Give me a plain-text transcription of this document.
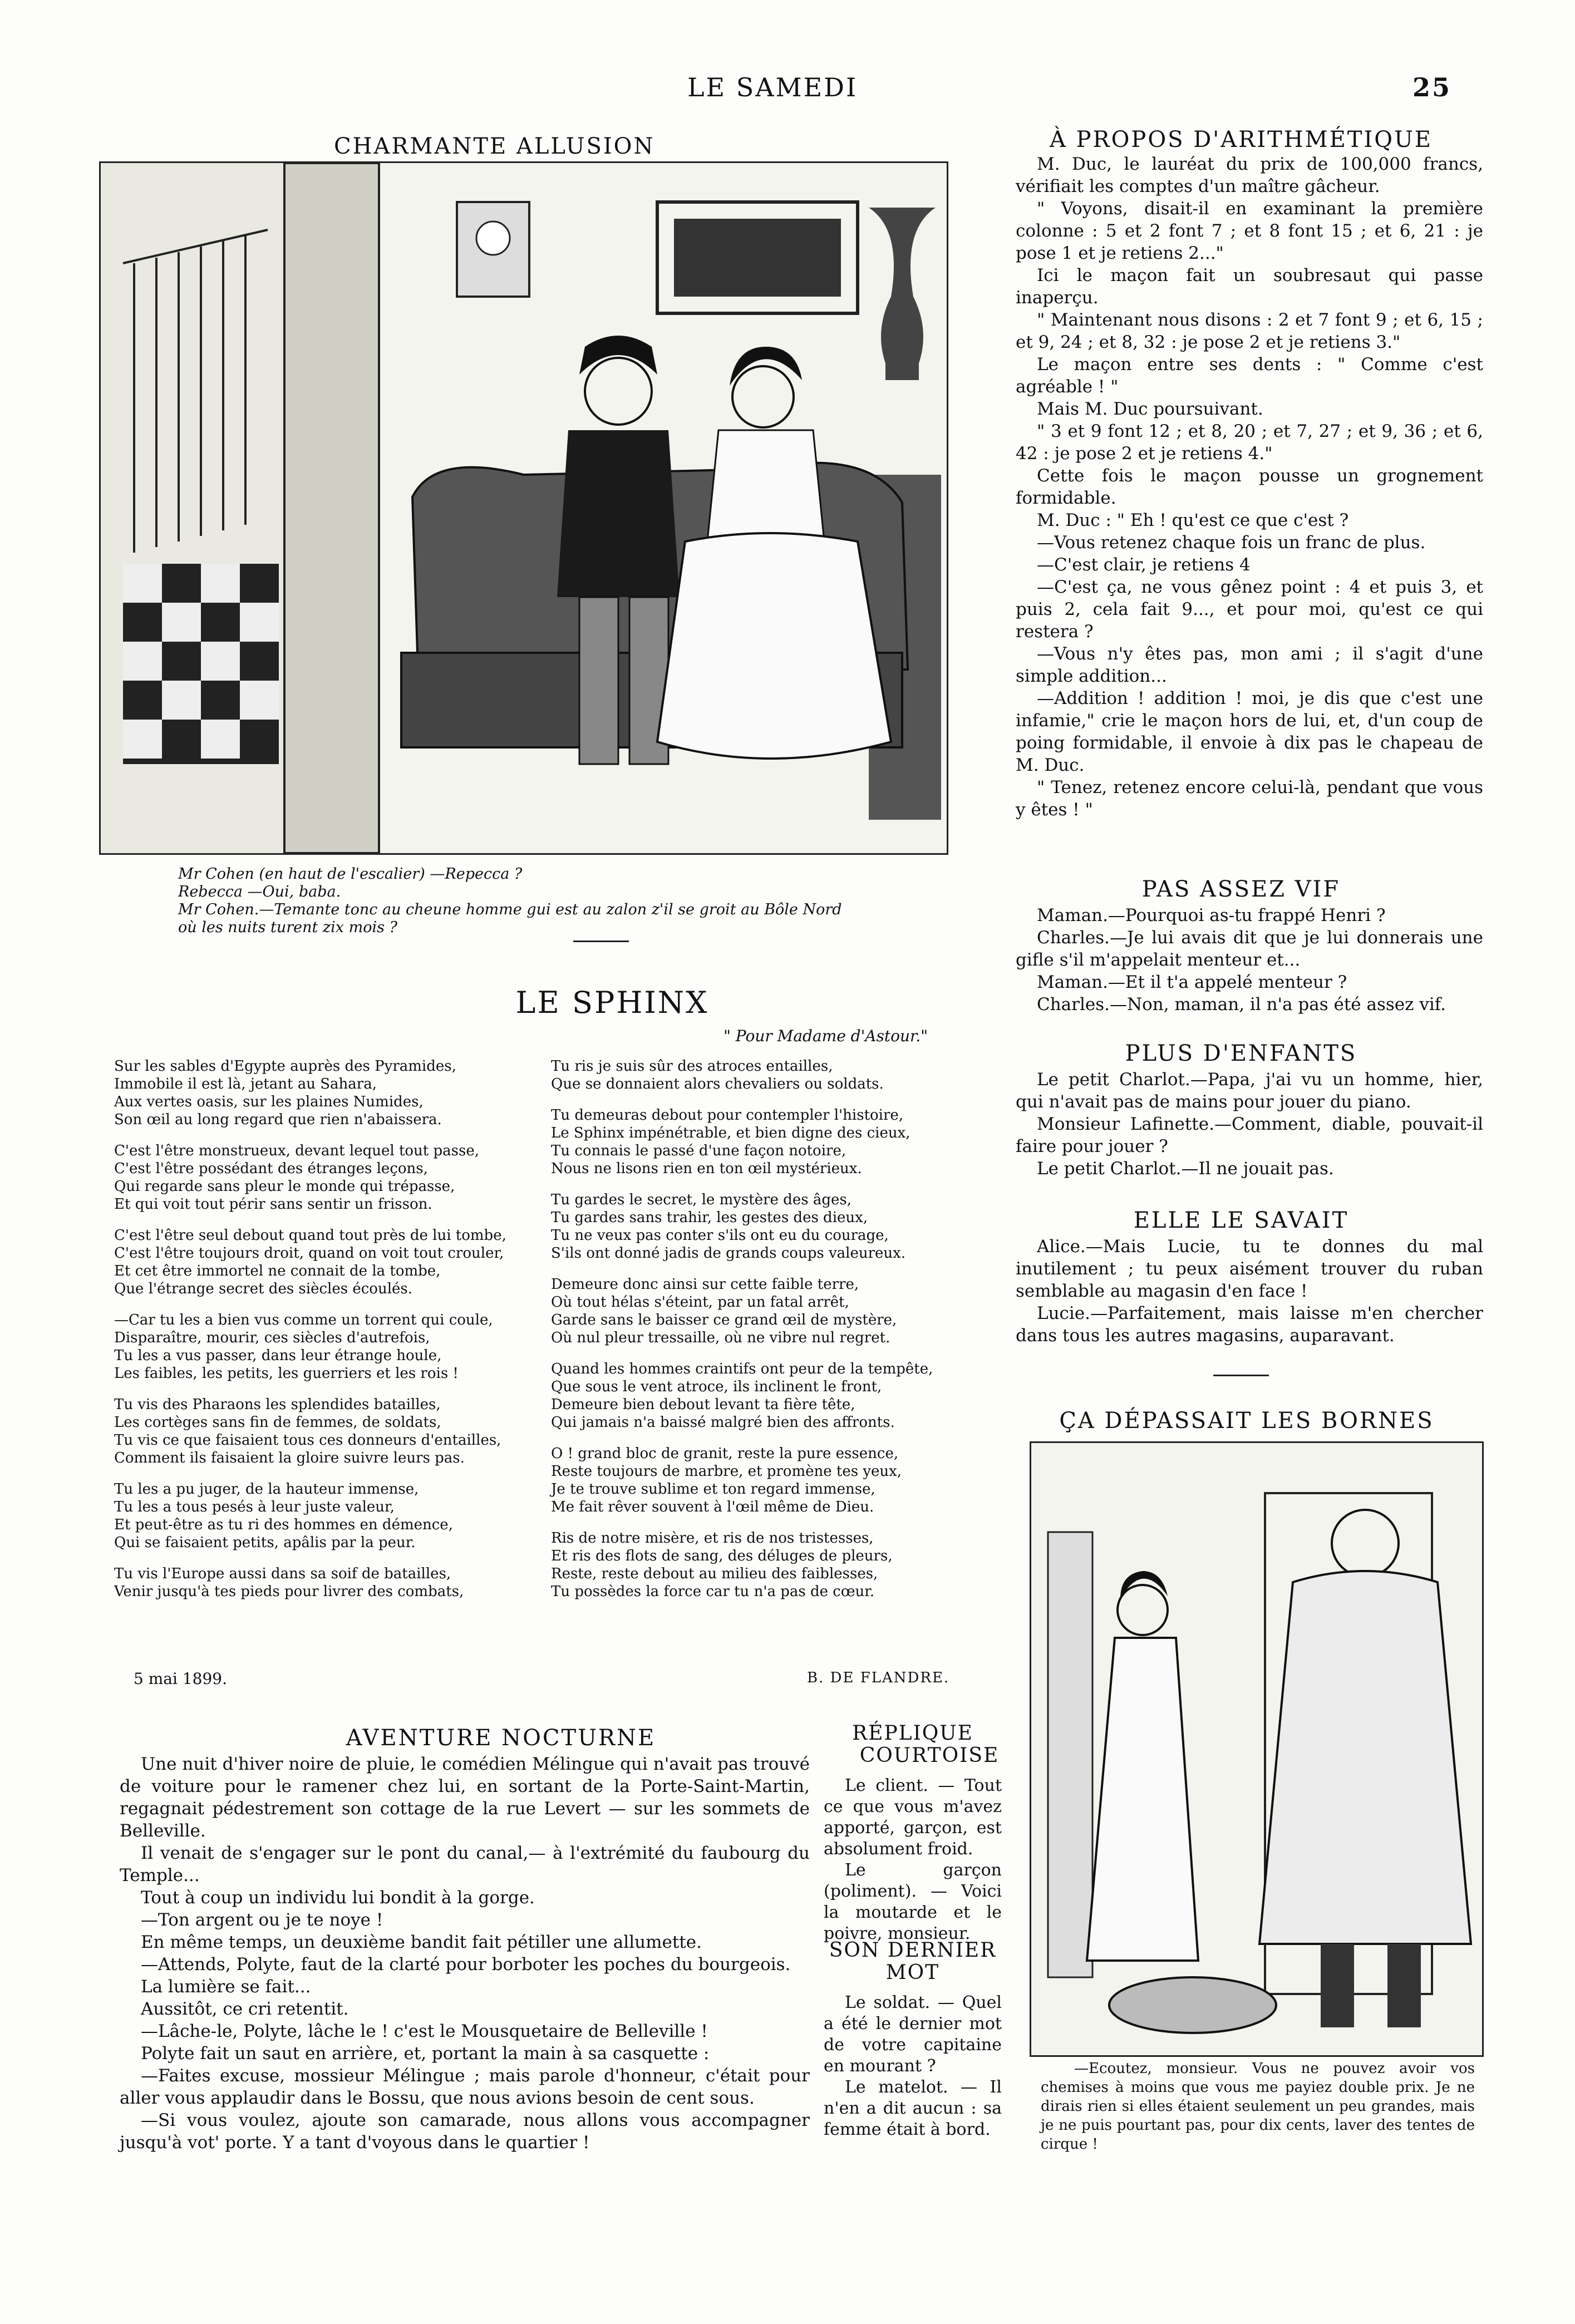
LE SAMEDI	25
CHARMANTE ALLUSION
Mr Cohen (en haut de l'escalier) —Repecca ?
Rebecca —Oui, baba.
Mr Cohen.—Temante tonc au cheune homme gui est au zalon z'il se groit au Bôle Nord
où les nuits turent zix mois ?
LE SPHINX
" Pour Madame d'Astour."
Sur les sables d'Egypte auprès des Pyramides,
Immobile il est là, jetant au Sahara,
Aux vertes oasis, sur les plaines Numides,
Son œil au long regard que rien n'abaissera.
C'est l'être monstrueux, devant lequel tout passe,
C'est l'être possédant des étranges leçons,
Qui regarde sans pleur le monde qui trépasse,
Et qui voit tout périr sans sentir un frisson.
C'est l'être seul debout quand tout près de lui tombe,
C'est l'être toujours droit, quand on voit tout crouler,
Et cet être immortel ne connait de la tombe,
Que l'étrange secret des siècles écoulés.
—Car tu les a bien vus comme un torrent qui coule,
Disparaître, mourir, ces siècles d'autrefois,
Tu les a vus passer, dans leur étrange houle,
Les faibles, les petits, les guerriers et les rois !
Tu vis des Pharaons les splendides batailles,
Les cortèges sans fin de femmes, de soldats,
Tu vis ce que faisaient tous ces donneurs d'entailles,
Comment ils faisaient la gloire suivre leurs pas.
Tu les a pu juger, de la hauteur immense,
Tu les a tous pesés à leur juste valeur,
Et peut-être as tu ri des hommes en démence,
Qui se faisaient petits, apâlis par la peur.
Tu vis l'Europe aussi dans sa soif de batailles,
Venir jusqu'à tes pieds pour livrer des combats,
Tu ris je suis sûr des atroces entailles,
Que se donnaient alors chevaliers ou soldats.
Tu demeuras debout pour contempler l'histoire,
Le Sphinx impénétrable, et bien digne des cieux,
Tu connais le passé d'une façon notoire,
Nous ne lisons rien en ton œil mystérieux.
Tu gardes le secret, le mystère des âges,
Tu gardes sans trahir, les gestes des dieux,
Tu ne veux pas conter s'ils ont eu du courage,
S'ils ont donné jadis de grands coups valeureux.
Demeure donc ainsi sur cette faible terre,
Où tout hélas s'éteint, par un fatal arrêt,
Garde sans le baisser ce grand œil de mystère,
Où nul pleur tressaille, où ne vibre nul regret.
Quand les hommes craintifs ont peur de la tempête,
Que sous le vent atroce, ils inclinent le front,
Demeure bien debout levant ta fière tête,
Qui jamais n'a baissé malgré bien des affronts.
O ! grand bloc de granit, reste la pure essence,
Reste toujours de marbre, et promène tes yeux,
Je te trouve sublime et ton regard immense,
Me fait rêver souvent à l'œil même de Dieu.
Ris de notre misère, et ris de nos tristesses,
Et ris des flots de sang, des déluges de pleurs,
Reste, reste debout au milieu des faiblesses,
Tu possèdes la force car tu n'a pas de cœur.
5 mai 1899.	B. DE FLANDRE.
AVENTURE NOCTURNE

Une nuit d'hiver noire de pluie, le comédien Mélingue qui n'avait pas trouvé de voiture pour le ramener chez lui, en sortant de la Porte-Saint-Martin, regagnait pédestrement son cottage de la rue Levert — sur les sommets de Belleville.

Il venait de s'engager sur le pont du canal,— à l'extrémité du faubourg du Temple...

Tout à coup un individu lui bondit à la gorge.

—Ton argent ou je te noye !

En même temps, un deuxième bandit fait pétiller une allumette.

—Attends, Polyte, faut de la clarté pour borboter les poches du bourgeois.

La lumière se fait...

Aussitôt, ce cri retentit.

—Lâche-le, Polyte, lâche le ! c'est le Mousquetaire de Belleville !

Polyte fait un saut en arrière, et, portant la main à sa casquette :

—Faites excuse, mossieur Mélingue ; mais parole d'honneur, c'était pour aller vous applaudir dans le Bossu, que nous avions besoin de cent sous.

—Si vous voulez, ajoute son camarade, nous allons vous accompagner jusqu'à vot' porte. Y a tant d'voyous dans le quartier !

RÉPLIQUE
COURTOISE

Le client. — Tout ce que vous m'avez apporté, garçon, est absolument froid.

Le garçon (poliment). — Voici la moutarde et le poivre, monsieur.

SON DERNIER
MOT

Le soldat. — Quel a été le dernier mot de votre capitaine en mourant ?

Le matelot. — Il n'en a dit aucun : sa femme était à bord.

À PROPOS D'ARITHMÉTIQUE

M. Duc, le lauréat du prix de 100,000 francs, vérifiait les comptes d'un maître gâcheur.

" Voyons, disait-il en examinant la première colonne : 5 et 2 font 7 ; et 8 font 15 ; et 6, 21 : je pose 1 et je retiens 2..."

Ici le maçon fait un soubresaut qui passe inaperçu.

" Maintenant nous disons : 2 et 7 font 9 ; et 6, 15 ; et 9, 24 ; et 8, 32 : je pose 2 et je retiens 3."

Le maçon entre ses dents : " Comme c'est agréable ! "

Mais M. Duc poursuivant.

" 3 et 9 font 12 ; et 8, 20 ; et 7, 27 ; et 9, 36 ; et 6, 42 : je pose 2 et je retiens 4."

Cette fois le maçon pousse un grognement formidable.

M. Duc : " Eh ! qu'est ce que c'est ?

—Vous retenez chaque fois un franc de plus.

—C'est clair, je retiens 4

—C'est ça, ne vous gênez point : 4 et puis 3, et puis 2, cela fait 9..., et pour moi, qu'est ce qui restera ?

—Vous n'y êtes pas, mon ami ; il s'agit d'une simple addition...

—Addition ! addition ! moi, je dis que c'est une infamie," crie le maçon hors de lui, et, d'un coup de poing formidable, il envoie à dix pas le chapeau de M. Duc.

" Tenez, retenez encore celui-là, pendant que vous y êtes ! "

PAS ASSEZ VIF

Maman.—Pourquoi as-tu frappé Henri ?

Charles.—Je lui avais dit que je lui donnerais une gifle s'il m'appelait menteur et...

Maman.—Et il t'a appelé menteur ?

Charles.—Non, maman, il n'a pas été assez vif.

PLUS D'ENFANTS

Le petit Charlot.—Papa, j'ai vu un homme, hier, qui n'avait pas de mains pour jouer du piano.

Monsieur Lafinette.—Comment, diable, pouvait-il faire pour jouer ?

Le petit Charlot.—Il ne jouait pas.

ELLE LE SAVAIT

Alice.—Mais Lucie, tu te donnes du mal inutilement ; tu peux aisément trouver du ruban semblable au magasin d'en face !

Lucie.—Parfaitement, mais laisse m'en chercher dans tous les autres magasins, auparavant.

ÇA DÉPASSAIT LES BORNES
—Ecoutez, monsieur. Vous ne pouvez avoir vos chemises à moins que vous me payiez double prix. Je ne dirais rien si elles étaient seulement un peu grandes, mais je ne puis pourtant pas, pour dix cents, laver des tentes de cirque !
